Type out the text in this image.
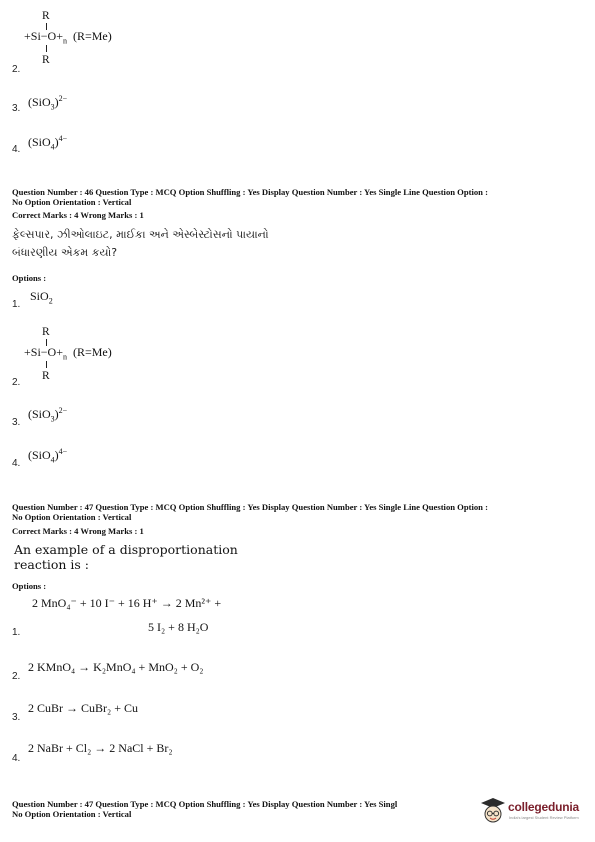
R
$+Si-O+_n$ (R=Me)
R
2.
3. $(SiO_3)^{2-}$
4.
$(SiO_4)^{4-}$
Question Number : 46 Question Type : MCQ Option Shuffling : Yes Display Question Number : Yes Single Line Question Option :
No Option Orientation : Vertical
Correct Marks : 4 Wrong Marks : 1
ફેલ્સપાર, ઝીઓલાઇટ, માઈકા અને એસ્બેસ્ટોસનો પાયાનો
બંધારણીય એકમ કયો?
Options :
1.
SiO$_2$
R
$+Si-O+_n$ (R=Me)
R
2.
3.
$(SiO_3)^{2-}$
4.
$(SiO_4)^{4-}$
Question Number : 47 Question Type : MCQ Option Shuffling : Yes Display Question Number : Yes Single Line Question Option :
No Option Orientation : Vertical
Correct Marks : 4 Wrong Marks : 1
An example of a disproportionation
reaction is :
Options :
2 MnO₄⁻ + 10 I⁻ + 16 H⁺ → 2 Mn²⁺ +
5 I₂ + 8 H₂O
1.
2.
2 KMnO₄ → K₂MnO₄ + MnO₂ + O₂
3.
2 CuBr → CuBr₂ + Cu
4.
2 NaBr + Cl₂ → 2 NaCl + Br₂
Question Number : 47 Question Type : MCQ Option Shuffling : Yes Display Question Number : Yes Singl
No Option Orientation : Vertical	collegedunia
India's largest Student Review Platform
